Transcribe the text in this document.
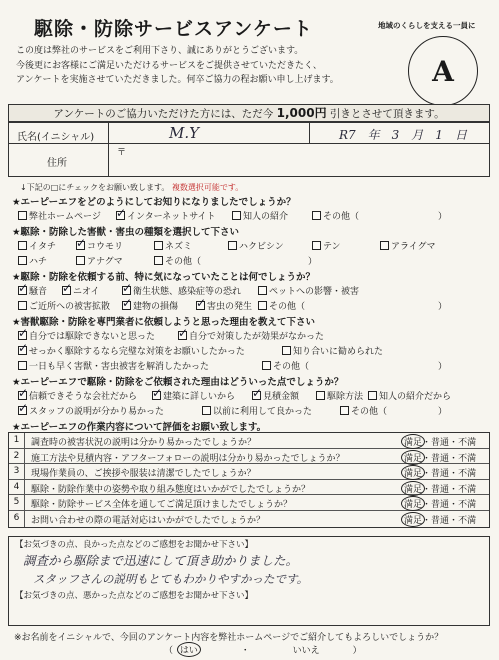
駆除・防除サービスアンケート
この度は弊社のサービスをご利用下さり、誠にありがとうございます。
今後更にお客様にご満足いただけるサービスをご提供させていただきたく、
アンケートを実施させていただきました。何卒ご協力の程お願い申し上げます。
地域のくらしを支える一員に
A
アンケートのご協力いただけた方には、ただ今 1,000円 引きとさせて頂きます。
氏名(イニシャル)	M.Y	R7　年　3　月　1　日
住所
〒
↓下記の□にチェックをお願い致します。 複数選択可能です。
★エーピーエフをどのようにしてお知りになりましたでしょうか？
弊社ホームページ ✓	インターネットサイト	知人の紹介	その他（	）
★駆除・防除した害獣・害虫の種類を選択して下さい
イタチ ✓	コウモリ	ネズミ	ハクビシン	テン	アライグマ
ハチ	アナグマ	その他（	）
★駆除・防除を依頼する前、特に気になっていたことは何でしょうか？
✓騒音 ✓	ニオイ ✓	衛生状態、感染症等の恐れ	ペットへの影響・被害
ご近所への被害拡散 ✓	建物の損傷 ✓	害虫の発生	その他（	）
★害獣駆除・防除を専門業者に依頼しようと思った理由を教えて下さい
✓自分では駆除できないと思った ✓	自分で対策したが効果がなかった
✓せっかく駆除するなら完璧な対策をお願いしたかった	知り合いに勧められた
一日も早く害獣・害虫被害を解消したかった	その他（	）
★エーピーエフで駆除・防除をご依頼された理由はどういった点でしょうか？
✓信頼できそうな会社だから ✓	建築に詳しいから ✓	見積金額	駆除方法	知人の紹介だから
✓スタッフの説明が分かり易かった	以前に利用して良かった	その他（	）
★エーピーエフの作業内容について評価をお願い致します。
1	調査時の被害状況の説明は分かり易かったでしょうか？	満足・普通・不満
2	施工方法や見積内容・アフターフォローの説明は分かり易かったでしょうか？	満足・普通・不満
3	現場作業員の、ご挨拶や服装は清潔でしたでしょうか？	満足・普通・不満
4	駆除・防除作業中の姿勢や取り組み態度はいかがでしたでしょうか？	満足・普通・不満
5	駆除・防除サービス全体を通してご満足頂けましたでしょうか？	満足・普通・不満
6	お問い合わせの際の電話対応はいかがでしたでしょうか？	満足・普通・不満
【お気づきの点、良かった点などのご感想をお聞かせ下さい】
調査から駆除まで迅速にして頂き助かりました。
スタッフさんの説明もとてもわかりやすかったです。
【お気づきの点、悪かった点などのご感想をお聞かせ下さい】
※お名前をイニシャルで、今回のアンケート内容を弊社ホームページでご紹介してもよろしいでしょうか？
（ はい	・	いいえ	）
